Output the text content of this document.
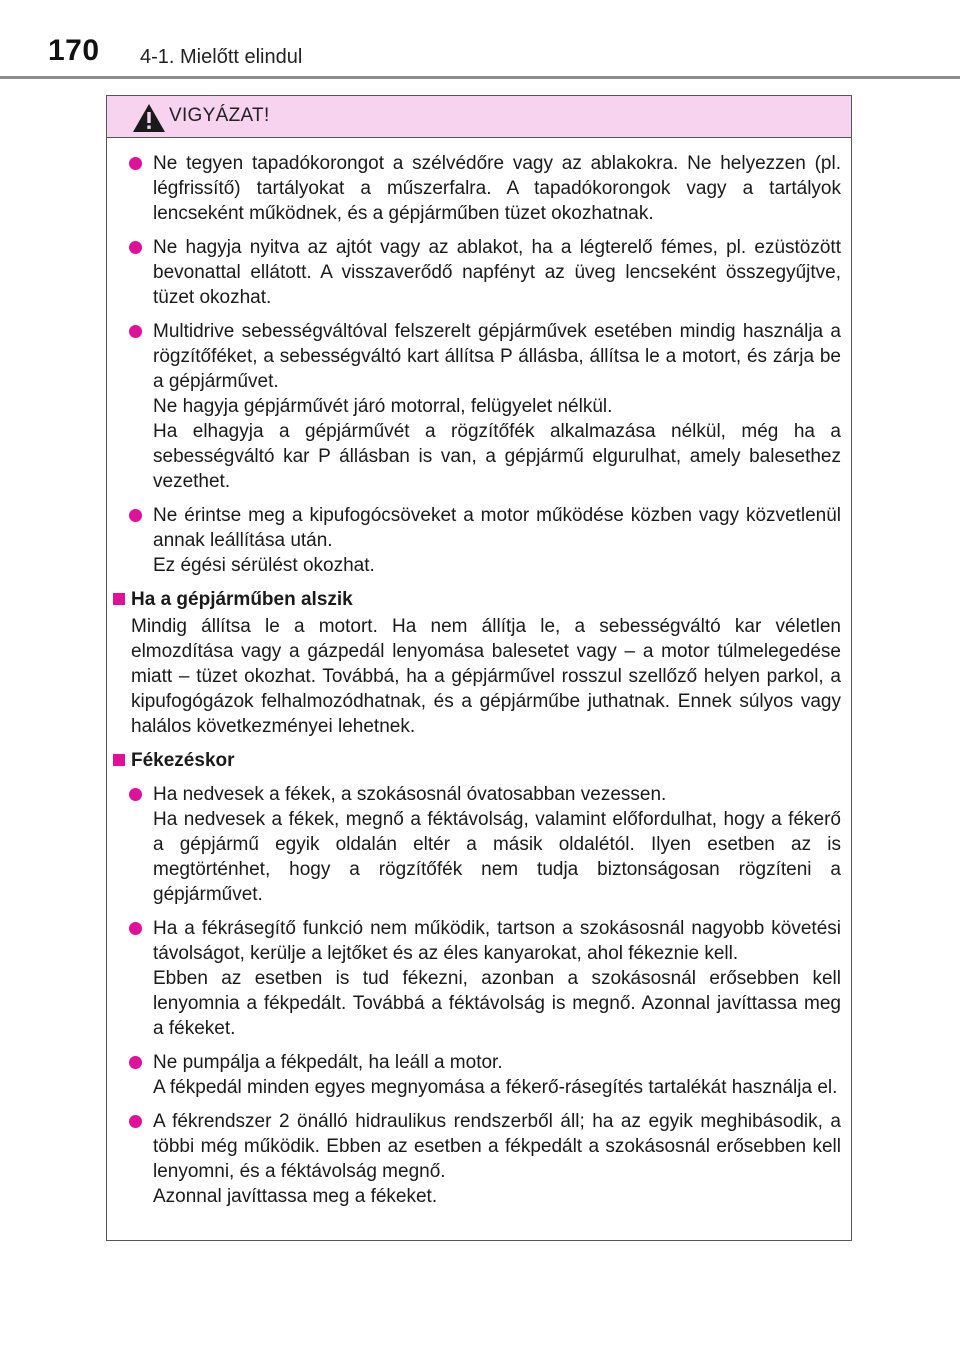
170 4-1. Mielőtt elindul
VIGYÁZAT!

Ne tegyen tapadókorongot a szélvédőre vagy az ablakokra. Ne helyezzen (pl. légfrissítő) tartályokat a műszerfalra. A tapadókorongok vagy a tartályok lencseként működnek, és a gépjárműben tüzet okozhatnak.

Ne hagyja nyitva az ajtót vagy az ablakot, ha a légterelő fémes, pl. ezüstözött bevonattal ellátott. A visszaverődő napfényt az üveg lencseként összegyűjtve, tüzet okozhat.

Multidrive sebességváltóval felszerelt gépjárművek esetében mindig használja a rögzítőféket, a sebességváltó kart állítsa P állásba, állítsa le a motort, és zárja be a gépjárművet.

Ne hagyja gépjárművét járó motorral, felügyelet nélkül.

Ha elhagyja a gépjárművét a rögzítőfék alkalmazása nélkül, még ha a sebességváltó kar P állásban is van, a gépjármű elgurulhat, amely balesethez vezethet.

Ne érintse meg a kipufogócsöveket a motor működése közben vagy közvetlenül annak leállítása után.

Ez égési sérülést okozhat.

Ha a gépjárműben alszik

Mindig állítsa le a motort. Ha nem állítja le, a sebességváltó kar véletlen elmozdítása vagy a gázpedál lenyomása balesetet vagy – a motor túlmelegedése miatt – tüzet okozhat. Továbbá, ha a gépjárművel rosszul szellőző helyen parkol, a kipufogógázok felhalmozódhatnak, és a gépjárműbe juthatnak. Ennek súlyos vagy halálos következményei lehetnek.

Fékezéskor

Ha nedvesek a fékek, a szokásosnál óvatosabban vezessen.

Ha nedvesek a fékek, megnő a féktávolság, valamint előfordulhat, hogy a fékerő a gépjármű egyik oldalán eltér a másik oldalétól. Ilyen esetben az is megtörténhet, hogy a rögzítőfék nem tudja biztonságosan rögzíteni a gépjárművet.

Ha a fékrásegítő funkció nem működik, tartson a szokásosnál nagyobb követési távolságot, kerülje a lejtőket és az éles kanyarokat, ahol fékeznie kell.

Ebben az esetben is tud fékezni, azonban a szokásosnál erősebben kell lenyomnia a fékpedált. Továbbá a féktávolság is megnő. Azonnal javíttassa meg a fékeket.

Ne pumpálja a fékpedált, ha leáll a motor.

A fékpedál minden egyes megnyomása a fékerő-rásegítés tartalékát használja el.

A fékrendszer 2 önálló hidraulikus rendszerből áll; ha az egyik meghibásodik, a többi még működik. Ebben az esetben a fékpedált a szokásosnál erősebben kell lenyomni, és a féktávolság megnő.

Azonnal javíttassa meg a fékeket.
